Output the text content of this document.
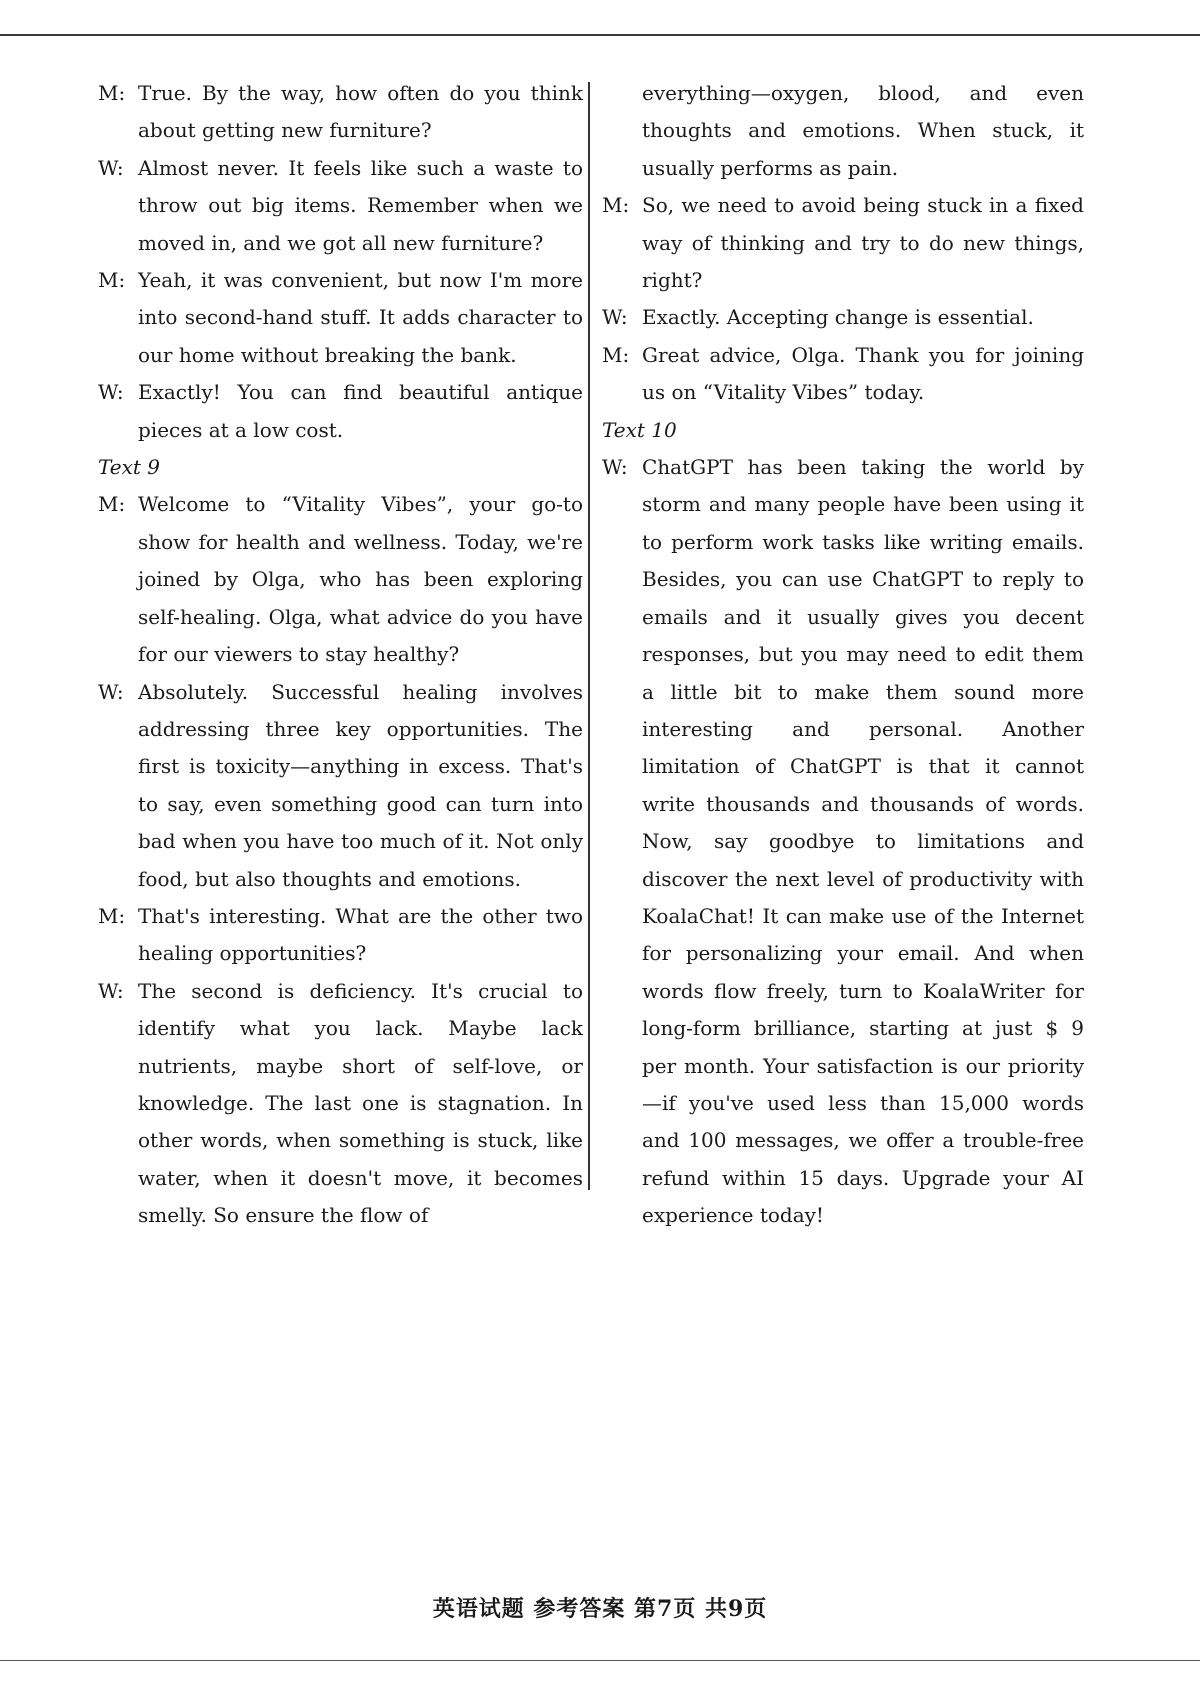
M: True. By the way, how often do you think about getting new furniture?

W: Almost never. It feels like such a waste to throw out big items. Remember when we moved in, and we got all new furniture?

M: Yeah, it was convenient, but now I'm more into second-hand stuff. It adds character to our home without breaking the bank.

W: Exactly! You can find beautiful antique pieces at a low cost.

Text 9

M: Welcome to “Vitality Vibes”, your go-to show for health and wellness. Today, we're joined by Olga, who has been exploring self-healing. Olga, what advice do you have for our viewers to stay healthy?

W: Absolutely. Successful healing involves addressing three key opportunities. The first is toxicity—anything in excess. That's to say, even something good can turn into bad when you have too much of it. Not only food, but also thoughts and emotions.

M: That's interesting. What are the other two healing opportunities?

W: The second is deficiency. It's crucial to identify what you lack. Maybe lack nutrients, maybe short of self-love, or knowledge. The last one is stagnation. In other words, when something is stuck, like water, when it doesn't move, it becomes smelly. So ensure the flow of

everything—oxygen, blood, and even thoughts and emotions. When stuck, it usually performs as pain.

M: So, we need to avoid being stuck in a fixed way of thinking and try to do new things, right?

W: Exactly. Accepting change is essential.

M: Great advice, Olga. Thank you for joining us on “Vitality Vibes” today.

Text 10

W: ChatGPT has been taking the world by storm and many people have been using it to perform work tasks like writing emails. Besides, you can use ChatGPT to reply to emails and it usually gives you decent responses, but you may need to edit them a little bit to make them sound more interesting and personal. Another limitation of ChatGPT is that it cannot write thousands and thousands of words. Now, say goodbye to limitations and discover the next level of productivity with KoalaChat! It can make use of the Internet for personalizing your email. And when words flow freely, turn to KoalaWriter for long-form brilliance, starting at just $ 9 per month. Your satisfaction is our priority—if you've used less than 15,000 words and 100 messages, we offer a trouble-free refund within 15 days. Upgrade your AI experience today!

英语试题 参考答案 第7页 共9页
